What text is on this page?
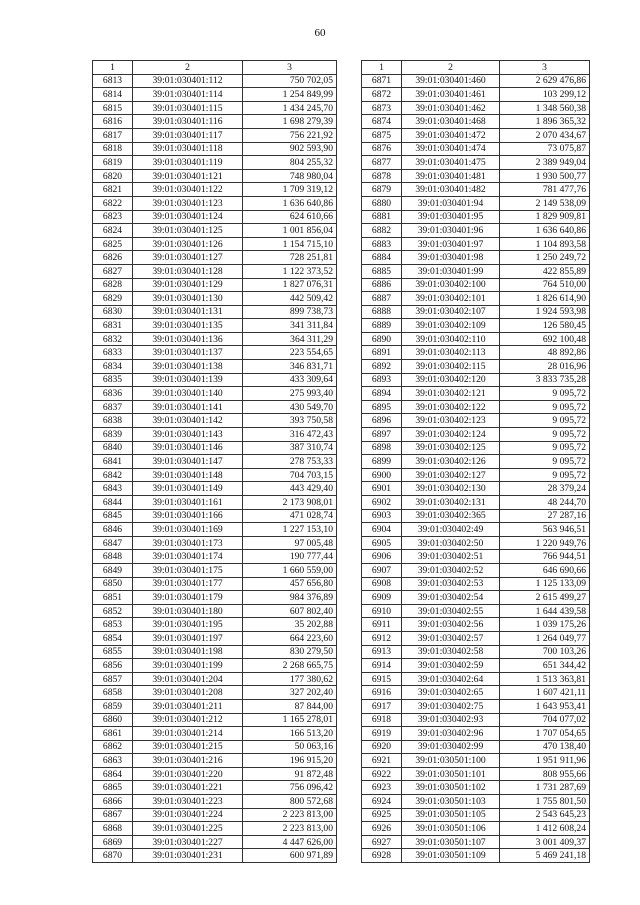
60
1	2	3
6813	39:01:030401:112	750 702,05
6814	39:01:030401:114	1 254 849,99
6815	39:01:030401:115	1 434 245,70
6816	39:01:030401:116	1 698 279,39
6817	39:01:030401:117	756 221,92
6818	39:01:030401:118	902 593,90
6819	39:01:030401:119	804 255,32
6820	39:01:030401:121	748 980,04
6821	39:01:030401:122	1 709 319,12
6822	39:01:030401:123	1 636 640,86
6823	39:01:030401:124	624 610,66
6824	39:01:030401:125	1 001 856,04
6825	39:01:030401:126	1 154 715,10
6826	39:01:030401:127	728 251,81
6827	39:01:030401:128	1 122 373,52
6828	39:01:030401:129	1 827 076,31
6829	39:01:030401:130	442 509,42
6830	39:01:030401:131	899 738,73
6831	39:01:030401:135	341 311,84
6832	39:01:030401:136	364 311,29
6833	39:01:030401:137	223 554,65
6834	39:01:030401:138	346 831,71
6835	39:01:030401:139	433 309,64
6836	39:01:030401:140	275 993,40
6837	39:01:030401:141	430 549,70
6838	39:01:030401:142	393 750,58
6839	39:01:030401:143	316 472,43
6840	39:01:030401:146	387 310,74
6841	39:01:030401:147	278 753,33
6842	39:01:030401:148	704 703,15
6843	39:01:030401:149	443 429,40
6844	39:01:030401:161	2 173 908,01
6845	39:01:030401:166	471 028,74
6846	39:01:030401:169	1 227 153,10
6847	39:01:030401:173	97 005,48
6848	39:01:030401:174	190 777,44
6849	39:01:030401:175	1 660 559,00
6850	39:01:030401:177	457 656,80
6851	39:01:030401:179	984 376,89
6852	39:01:030401:180	607 802,40
6853	39:01:030401:195	35 202,88
6854	39:01:030401:197	664 223,60
6855	39:01:030401:198	830 279,50
6856	39:01:030401:199	2 268 665,75
6857	39:01:030401:204	177 380,62
6858	39:01:030401:208	327 202,40
6859	39:01:030401:211	87 844,00
6860	39:01:030401:212	1 165 278,01
6861	39:01:030401:214	166 513,20
6862	39:01:030401:215	50 063,16
6863	39:01:030401:216	196 915,20
6864	39:01:030401:220	91 872,48
6865	39:01:030401:221	756 096,42
6866	39:01:030401:223	800 572,68
6867	39:01:030401:224	2 223 813,00
6868	39:01:030401:225	2 223 813,00
6869	39:01:030401:227	4 447 626,00
6870	39:01:030401:231	600 971,89
1	2	3
6871	39:01:030401:460	2 629 476,86
6872	39:01:030401:461	103 299,12
6873	39:01:030401:462	1 348 560,38
6874	39:01:030401:468	1 896 365,32
6875	39:01:030401:472	2 070 434,67
6876	39:01:030401:474	73 075,87
6877	39:01:030401:475	2 389 949,04
6878	39:01:030401:481	1 930 500,77
6879	39:01:030401:482	781 477,76
6880	39:01:030401:94	2 149 538,09
6881	39:01:030401:95	1 829 909,81
6882	39:01:030401:96	1 636 640,86
6883	39:01:030401:97	1 104 893,58
6884	39:01:030401:98	1 250 249,72
6885	39:01:030401:99	422 855,89
6886	39:01:030402:100	764 510,00
6887	39:01:030402:101	1 826 614,90
6888	39:01:030402:107	1 924 593,98
6889	39:01:030402:109	126 580,45
6890	39:01:030402:110	692 100,48
6891	39:01:030402:113	48 892,86
6892	39:01:030402:115	28 016,96
6893	39:01:030402:120	3 833 735,28
6894	39:01:030402:121	9 095,72
6895	39:01:030402:122	9 095,72
6896	39:01:030402:123	9 095,72
6897	39:01:030402:124	9 095,72
6898	39:01:030402:125	9 095,72
6899	39:01:030402:126	9 095,72
6900	39:01:030402:127	9 095,72
6901	39:01:030402:130	28 379,24
6902	39:01:030402:131	48 244,70
6903	39:01:030402:365	27 287,16
6904	39:01:030402:49	563 946,51
6905	39:01:030402:50	1 220 949,76
6906	39:01:030402:51	766 944,51
6907	39:01:030402:52	646 690,66
6908	39:01:030402:53	1 125 133,09
6909	39:01:030402:54	2 615 499,27
6910	39:01:030402:55	1 644 439,58
6911	39:01:030402:56	1 039 175,26
6912	39:01:030402:57	1 264 049,77
6913	39:01:030402:58	700 103,26
6914	39:01:030402:59	651 344,42
6915	39:01:030402:64	1 513 363,81
6916	39:01:030402:65	1 607 421,11
6917	39:01:030402:75	1 643 953,41
6918	39:01:030402:93	704 077,02
6919	39:01:030402:96	1 707 054,65
6920	39:01:030402:99	470 138,40
6921	39:01:030501:100	1 951 911,96
6922	39:01:030501:101	808 955,66
6923	39:01:030501:102	1 731 287,69
6924	39:01:030501:103	1 755 801,50
6925	39:01:030501:105	2 543 645,23
6926	39:01:030501:106	1 412 608,24
6927	39:01:030501:107	3 001 409,37
6928	39:01:030501:109	5 469 241,18
